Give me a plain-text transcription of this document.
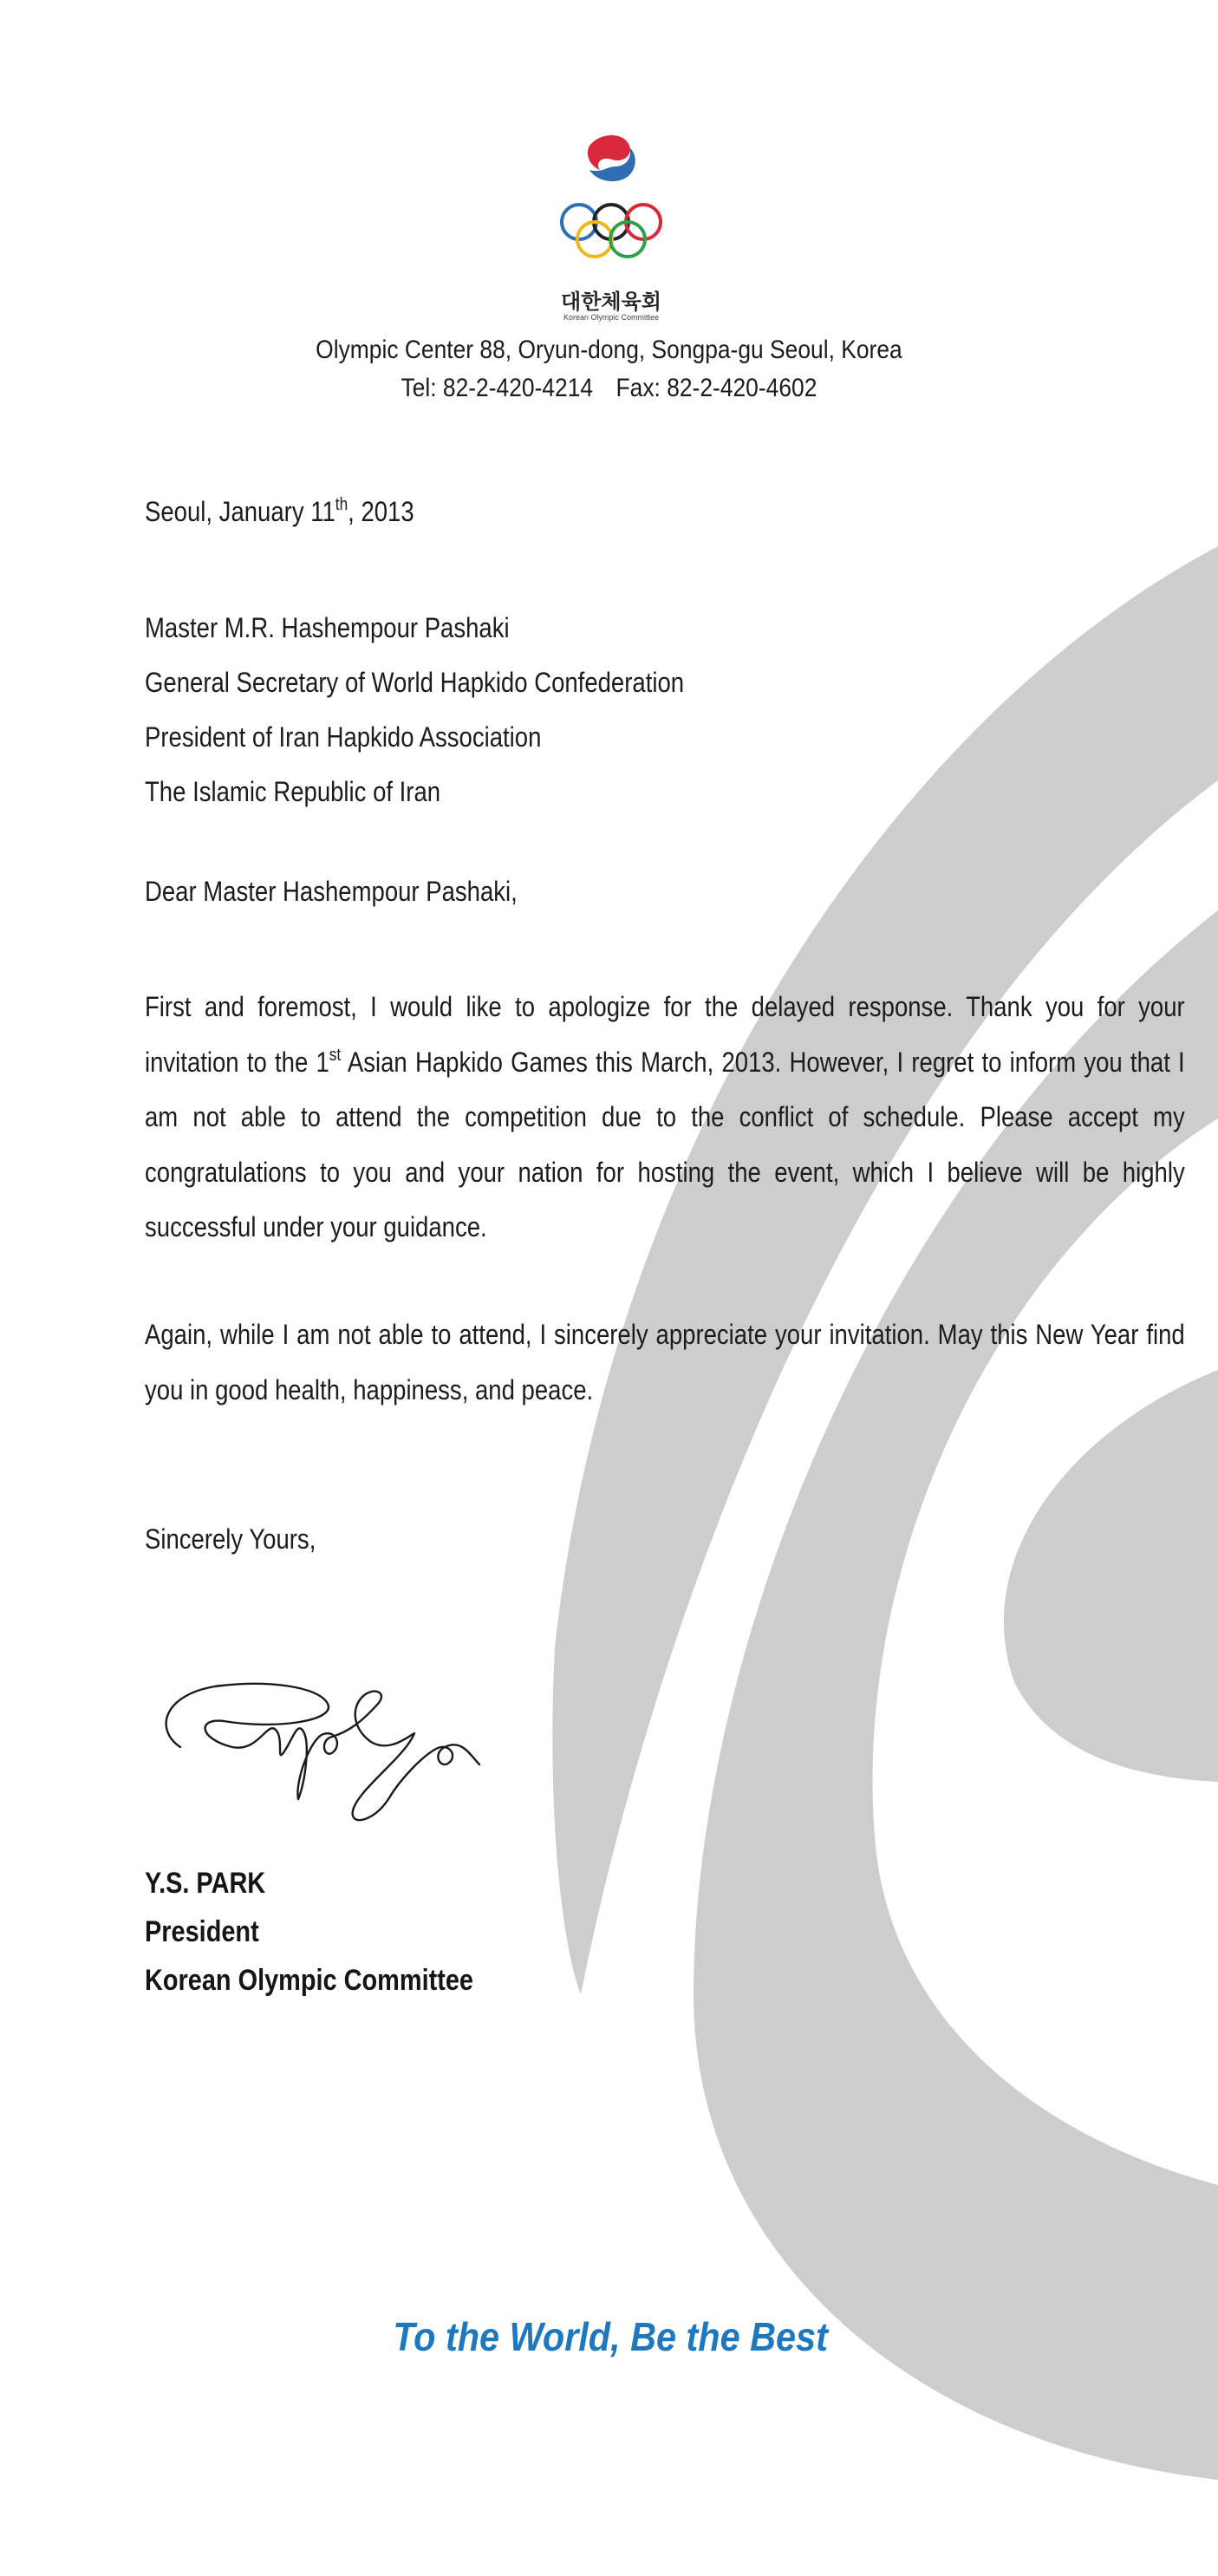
대한체육회
Korean Olympic Committee
Olympic Center 88, Oryun-dong, Songpa-gu Seoul, Korea
Tel: 82-2-420-4214 Fax: 82-2-420-4602
Seoul, January 11th, 2013
Master M.R. Hashempour Pashaki
General Secretary of World Hapkido Confederation
President of Iran Hapkido Association
The Islamic Republic of Iran
Dear Master Hashempour Pashaki,
First and foremost, I would like to apologize for the delayed response. Thank you for your invitation to the 1st Asian Hapkido Games this March, 2013. However, I regret to inform you that I am not able to attend the competition due to the conflict of schedule. Please accept my congratulations to you and your nation for hosting the event, which I believe will be highly successful under your guidance.
Again, while I am not able to attend, I sincerely appreciate your invitation. May this New Year find you in good health, happiness, and peace.
Sincerely Yours,
Y.S. PARK
President
Korean Olympic Committee
To the World, Be the Best
